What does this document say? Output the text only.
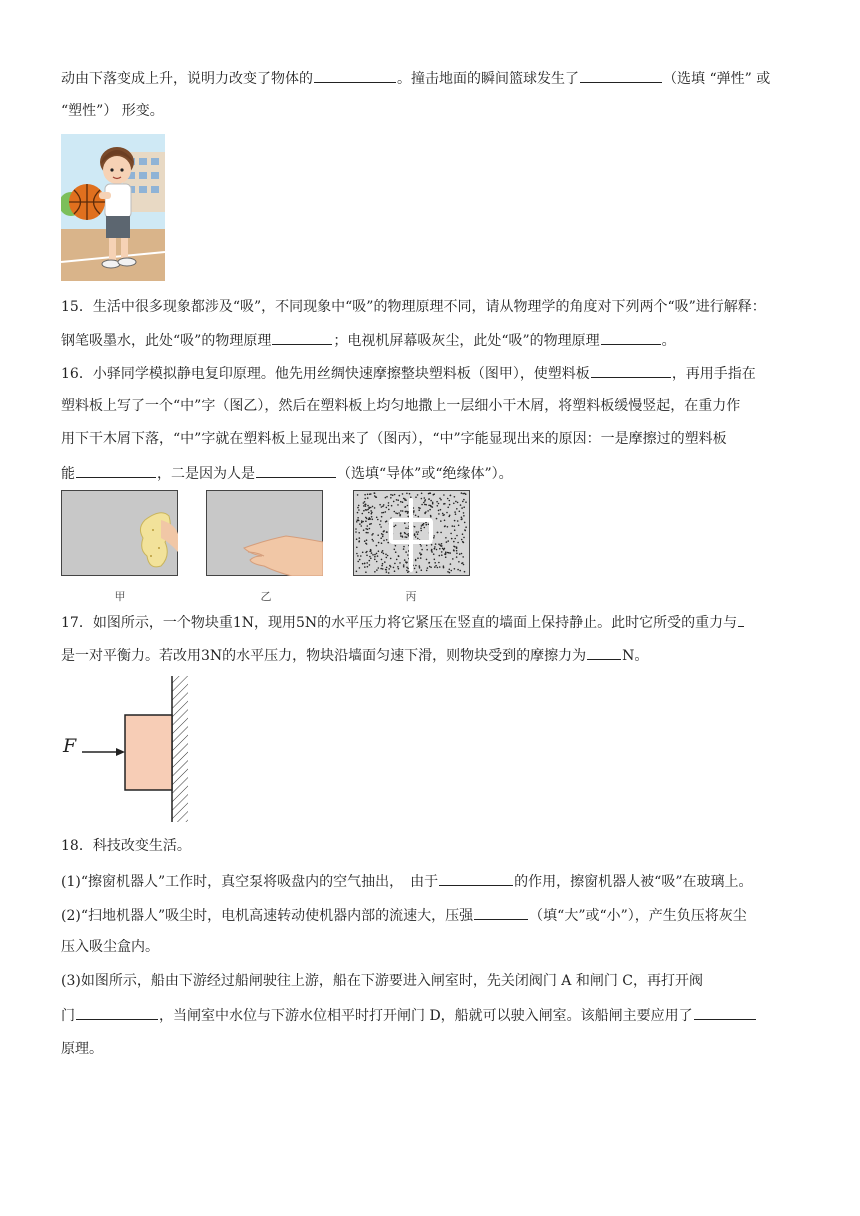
动由下落变成上升，说明力改变了物体的	。撞击地面的瞬间篮球发生了	（选填 “弹性” 或
“塑性”） 形变。
15．生活中很多现象都涉及“吸”，不同现象中“吸”的物理原理不同，请从物理学的角度对下列两个“吸”进行解释：
钢笔吸墨水，此处“吸”的物理原理	；电视机屏幕吸灰尘，此处“吸”的物理原理	。
16．小驿同学模拟静电复印原理。他先用丝绸快速摩擦整块塑料板（图甲），使塑料板	，再用手指在
塑料板上写了一个“中”字（图乙），然后在塑料板上均匀地撒上一层细小干木屑，将塑料板缓慢竖起，在重力作
用下干木屑下落，“中”字就在塑料板上显现出来了（图丙），“中”字能显现出来的原因：一是摩擦过的塑料板
能	，二是因为人是	（选填“导体”或“绝缘体”）。
甲	乙	丙
17．如图所示，一个物块重1N，现用5N的水平压力将它紧压在竖直的墙面上保持静止。此时它所受的重力与
是一对平衡力。若改用3N的水平压力，物块沿墙面匀速下滑，则物块受到的摩擦力为	N。
F
18．科技改变生活。
(1)“擦窗机器人”工作时，真空泵将吸盘内的空气抽出，　由于	的作用，擦窗机器人被“吸”在玻璃上。
(2)“扫地机器人”吸尘时，电机高速转动使机器内部的流速大，压强	（填“大”或“小”），产生负压将灰尘
压入吸尘盒内。
(3)如图所示，船由下游经过船闸驶往上游，船在下游要进入闸室时，先关闭阀门 A 和闸门 C，再打开阀
门	，当闸室中水位与下游水位相平时打开闸门 D，船就可以驶入闸室。该船闸主要应用了
原理。
